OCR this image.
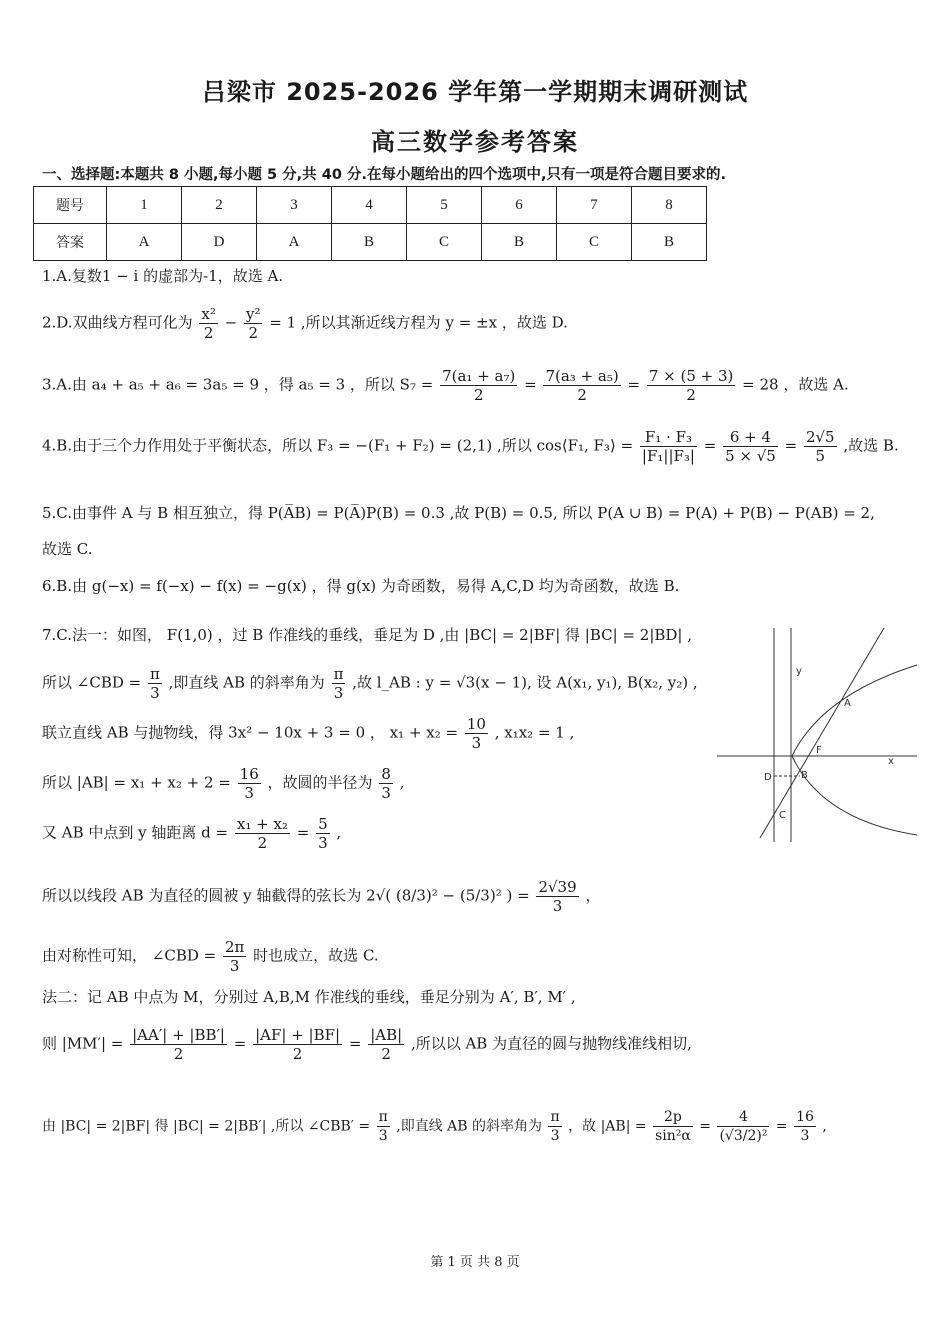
吕梁市 2025-2026 学年第一学期期末调研测试
高三数学参考答案
一、选择题:本题共 8 小题,每小题 5 分,共 40 分.在每小题给出的四个选项中,只有一项是符合题目要求的.
题号	1	2	3	4	5	6	7	8
答案	A	D	A	B	C	B	C	B
1.A.复数1 − i 的虚部为-1，故选 A.
2.D.双曲线方程可化为 $\frac{\text{x²}}{2} - \frac{\text{y²}}{2} = 1$ ,所以其渐近线方程为 y = ±x ，故选 D.
3.A.由 a₄ + a₅ + a₆ = 3a₅ = 9 ，得 a₅ = 3 ，所以 $S_7 = \frac{\text{7(a₁ + a₇)}}{2} = \frac{\text{7(a₃ + a₅)}}{2} = \frac{7 \times (5 + 3)}{2} = 28$ ，故选 A.
4.B.由于三个力作用处于平衡状态，所以 F₃ = −(F₁ + F₂) = (2,1) ,所以 cos⟨F₁, F₃⟩ = $\frac{\text{F₁ · F₃}}{\text{|F₁||F₃|}} = \frac{6 + 4}{5 \times √5} = \frac{2√5}{5}$ ,故选 B.
5.C.由事件 A 与 B 相互独立，得 P(A̅B) = P(A̅)P(B) = 0.3 ,故 P(B) = 0.5, 所以 P(A ∪ B) = P(A) + P(B) − P(AB) = 2,
故选 C.
6.B.由 g(−x) = f(−x) − f(x) = −g(x) ，得 g(x) 为奇函数，易得 A,C,D 均为奇函数，故选 B.
7.C.法一：如图， F(1,0) ，过 B 作准线的垂线，垂足为 D ,由 |BC| = 2|BF| 得 |BC| = 2|BD| ,
所以 ∠CBD = $\frac{\pi}{3}$ ,即直线 AB 的斜率角为 $\frac{\pi}{3}$ ,故 l_AB : y = √3(x − 1), 设 A(x₁, y₁), B(x₂, y₂) ,
联立直线 AB 与抛物线，得 3x² − 10x + 3 = 0 ， $x_1 + x_2 = \frac{10}{3}$ , x₁x₂ = 1 ,
所以 $|AB| = x_1 + x_2 + 2 = \frac{16}{3}$ ，故圆的半径为 $\frac{8}{3}$ ,
又 AB 中点到 y 轴距离 $d = \frac{\text{x₁ + x₂}}{2} = \frac{5}{3}$ ,
所以以线段 AB 为直径的圆被 y 轴截得的弦长为 2√( (8/3)² − (5/3)² ) = $\frac{2√39}{3}$ ，
由对称性可知， ∠CBD = $\frac{2\pi}{3}$ 时也成立，故选 C.
法二：记 AB 中点为 M，分别过 A,B,M 作准线的垂线，垂足分别为 A′, B′, M′ ,
则 $|MM'| = \frac{|AA'| + |BB'|}{2} = \frac{|AF| + |BF|}{2} = \frac{|AB|}{2}$ ,所以以 AB 为直径的圆与抛物线准线相切,
由 |BC| = 2|BF| 得 |BC| = 2|BB′| ,所以 ∠CBB′ = $\frac{\pi}{3}$ ,即直线 AB 的斜率角为 $\frac{\pi}{3}$ ，故 $|AB| = \frac{2p}{\text{sin²α}} = \frac{4}{\text{(√3/2)²}} = \frac{16}{3}$ ,
y
x
A
F
D	B
C
第 1 页 共 8 页
